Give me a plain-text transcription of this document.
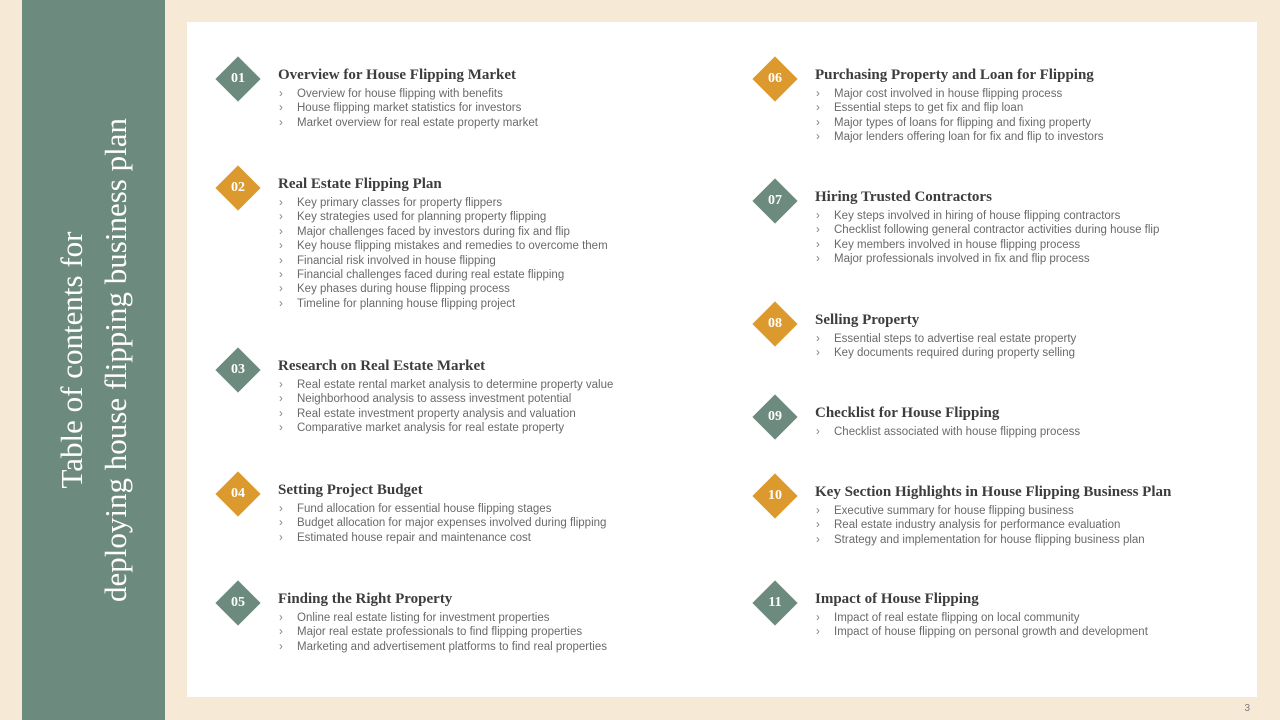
Table of contents for deploying house flipping business plan
01	Overview for House Flipping Market
› Overview for house flipping with benefits
› House flipping market statistics for investors
› Market overview for real estate property market
02	Real Estate Flipping Plan
› Key primary classes for property flippers
› Key strategies used for planning property flipping
› Major challenges faced by investors during fix and flip
› Key house flipping mistakes and remedies to overcome them
› Financial risk involved in house flipping
› Financial challenges faced during real estate flipping
› Key phases during house flipping process
› Timeline for planning house flipping project
03	Research on Real Estate Market
› Real estate rental market analysis to determine property value
› Neighborhood analysis to assess investment potential
› Real estate investment property analysis and valuation
› Comparative market analysis for real estate property
04	Setting Project Budget
› Fund allocation for essential house flipping stages
› Budget allocation for major expenses involved during flipping
› Estimated house repair and maintenance cost
05	Finding the Right Property
› Online real estate listing for investment properties
› Major real estate professionals to find flipping properties
› Marketing and advertisement platforms to find real properties
06	Purchasing Property and Loan for Flipping
› Major cost involved in house flipping process
› Essential steps to get fix and flip loan
› Major types of loans for flipping and fixing property
› Major lenders offering loan for fix and flip to investors
07	Hiring Trusted Contractors
› Key steps involved in hiring of house flipping contractors
› Checklist following general contractor activities during house flip
› Key members involved in house flipping process
› Major professionals involved in fix and flip process
08	Selling Property
› Essential steps to advertise real estate property
› Key documents required during property selling
09	Checklist for House Flipping
› Checklist associated with house flipping process
10	Key Section Highlights in House Flipping Business Plan
› Executive summary for house flipping business
› Real estate industry analysis for performance evaluation
› Strategy and implementation for house flipping business plan
11	Impact of House Flipping
› Impact of real estate flipping on local community
› Impact of house flipping on personal growth and development
3
